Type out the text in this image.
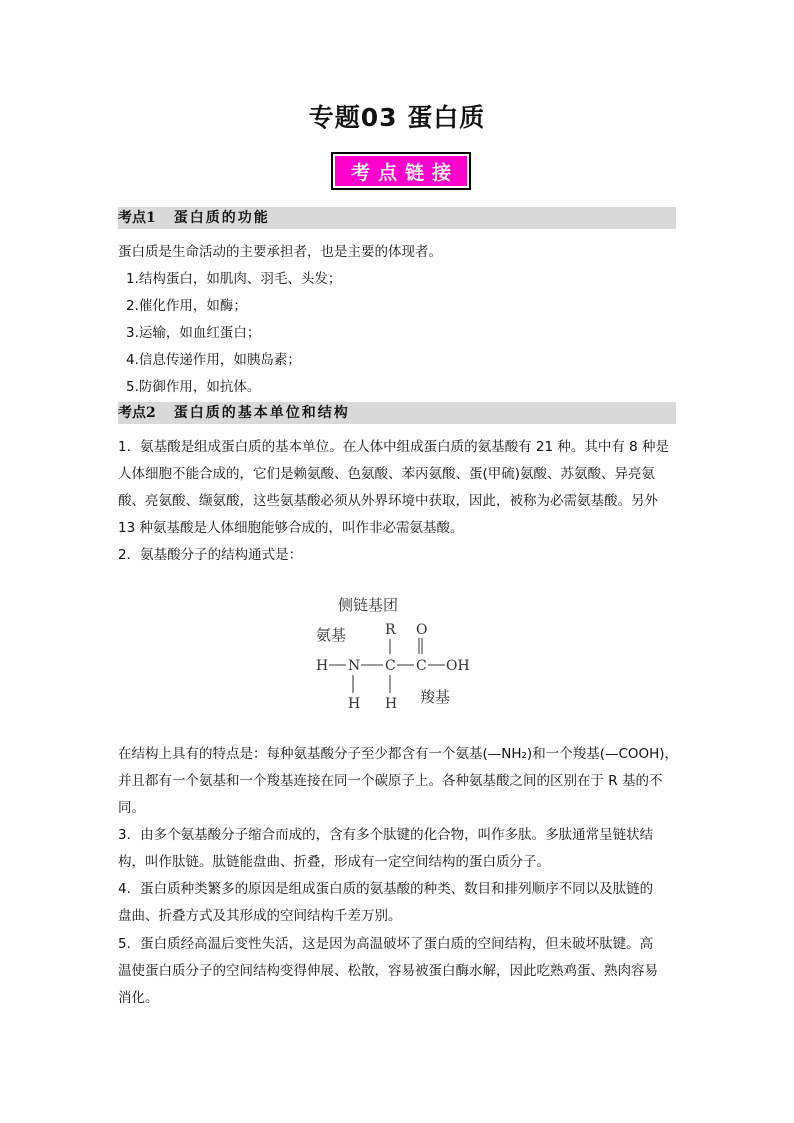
专题03 蛋白质
考点链接
考点1 蛋白质的功能
蛋白质是生命活动的主要承担者，也是主要的体现者。
1.结构蛋白，如肌肉、羽毛、头发；
2.催化作用，如酶；
3.运输，如血红蛋白；
4.信息传递作用，如胰岛素；
5.防御作用，如抗体。
考点2 蛋白质的基本单位和结构
1．氨基酸是组成蛋白质的基本单位。在人体中组成蛋白质的氨基酸有 21 种。其中有 8 种是
人体细胞不能合成的，它们是赖氨酸、色氨酸、苯丙氨酸、蛋(甲硫)氨酸、苏氨酸、异亮氨
酸、亮氨酸、缬氨酸，这些氨基酸必须从外界环境中获取，因此，被称为必需氨基酸。另外
13 种氨基酸是人体细胞能够合成的，叫作非必需氨基酸。
2．氨基酸分子的结构通式是：
侧链基团
氨基	R O
H N C C OH
H H 羧基
在结构上具有的特点是：每种氨基酸分子至少都含有一个氨基(—NH₂)和一个羧基(—COOH)，
并且都有一个氨基和一个羧基连接在同一个碳原子上。各种氨基酸之间的区别在于 R 基的不
同。
3．由多个氨基酸分子缩合而成的，含有多个肽键的化合物，叫作多肽。多肽通常呈链状结
构，叫作肽链。肽链能盘曲、折叠，形成有一定空间结构的蛋白质分子。
4．蛋白质种类繁多的原因是组成蛋白质的氨基酸的种类、数目和排列顺序不同以及肽链的
盘曲、折叠方式及其形成的空间结构千差万别。
5．蛋白质经高温后变性失活，这是因为高温破坏了蛋白质的空间结构，但未破坏肽键。高
温使蛋白质分子的空间结构变得伸展、松散，容易被蛋白酶水解，因此吃熟鸡蛋、熟肉容易
消化。
